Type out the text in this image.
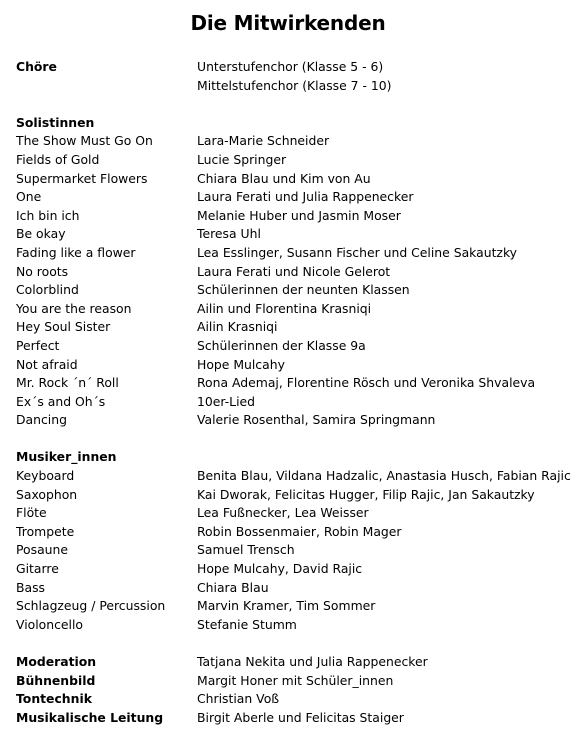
Die Mitwirkenden
Chöre	Unterstufenchor (Klasse 5 - 6)
Mittelstufenchor (Klasse 7 - 10)
Solistinnen
The Show Must Go On	Lara-Marie Schneider
Fields of Gold	Lucie Springer
Supermarket Flowers	Chiara Blau und Kim von Au
One	Laura Ferati und Julia Rappenecker
Ich bin ich	Melanie Huber und Jasmin Moser
Be okay	Teresa Uhl
Fading like a flower	Lea Esslinger, Susann Fischer und Celine Sakautzky
No roots	Laura Ferati und Nicole Gelerot
Colorblind	Schülerinnen der neunten Klassen
You are the reason	Ailin und Florentina Krasniqi
Hey Soul Sister	Ailin Krasniqi
Perfect	Schülerinnen der Klasse 9a
Not afraid	Hope Mulcahy
Mr. Rock ´n´ Roll	Rona Ademaj, Florentine Rösch und Veronika Shvaleva
Ex´s and Oh´s	10er-Lied
Dancing	Valerie Rosenthal, Samira Springmann
Musiker_innen
Keyboard	Benita Blau, Vildana Hadzalic, Anastasia Husch, Fabian Rajic
Saxophon	Kai Dworak, Felicitas Hugger, Filip Rajic, Jan Sakautzky
Flöte	Lea Fußnecker, Lea Weisser
Trompete	Robin Bossenmaier, Robin Mager
Posaune	Samuel Trensch
Gitarre	Hope Mulcahy, David Rajic
Bass	Chiara Blau
Schlagzeug / Percussion	Marvin Kramer, Tim Sommer
Violoncello	Stefanie Stumm
Moderation	Tatjana Nekita und Julia Rappenecker
Bühnenbild	Margit Honer mit Schüler_innen
Tontechnik	Christian Voß
Musikalische Leitung	Birgit Aberle und Felicitas Staiger
